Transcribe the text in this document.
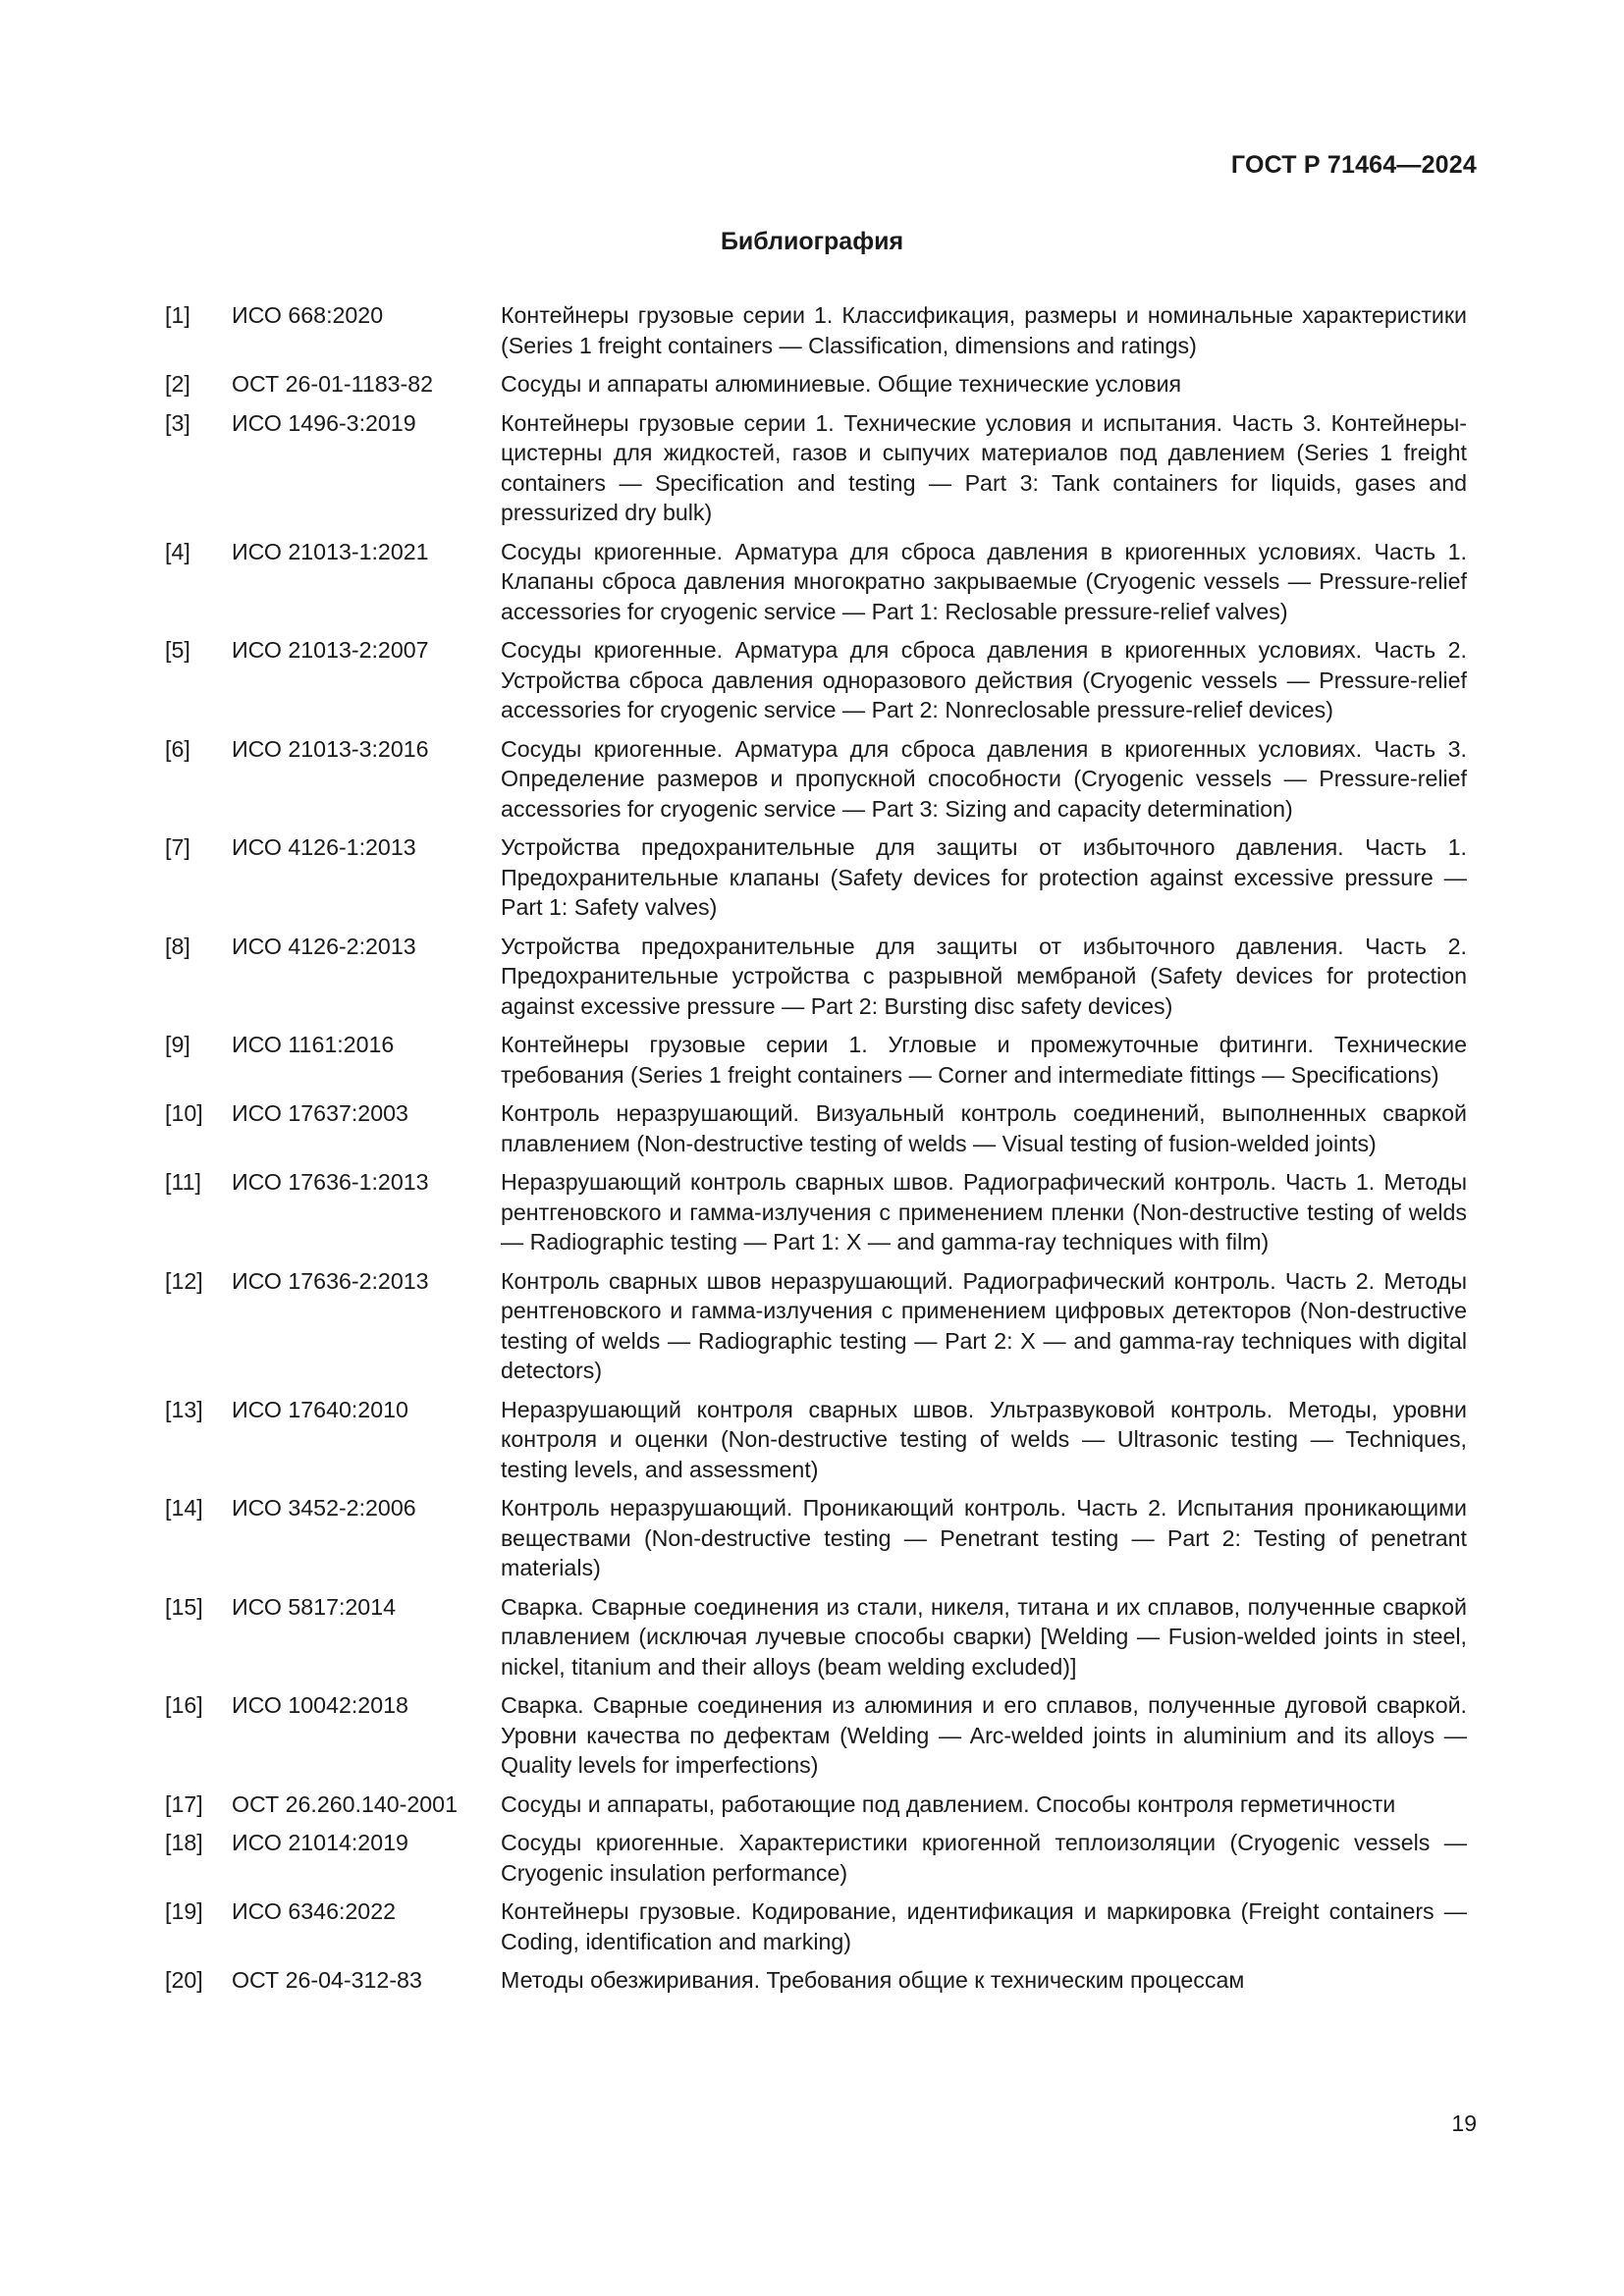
ГОСТ Р 71464—2024
Библиография
[1]	ИСО 668:2020	Контейнеры грузовые серии 1. Классификация, размеры и номинальные характеристики (Series 1 freight containers — Classification, dimensions and ratings)
[2]	ОСТ 26-01-1183-82	Сосуды и аппараты алюминиевые. Общие технические условия
[3]	ИСО 1496-3:2019	Контейнеры грузовые серии 1. Технические условия и испытания. Часть 3. Контейнеры-цистерны для жидкостей, газов и сыпучих материалов под давлением (Series 1 freight containers — Specification and testing — Part 3: Tank containers for liquids, gases and pressurized dry bulk)
[4]	ИСО 21013-1:2021	Сосуды криогенные. Арматура для сброса давления в криогенных условиях. Часть 1. Клапаны сброса давления многократно закрываемые (Cryogenic vessels — Pressure-relief accessories for cryogenic service — Part 1: Reclosable pressure-relief valves)
[5]	ИСО 21013-2:2007	Сосуды криогенные. Арматура для сброса давления в криогенных условиях. Часть 2. Устройства сброса давления одноразового действия (Cryogenic vessels — Pressure-relief accessories for cryogenic service — Part 2: Nonreclosable pressure-relief devices)
[6]	ИСО 21013-3:2016	Сосуды криогенные. Арматура для сброса давления в криогенных условиях. Часть 3. Определение размеров и пропускной способности (Cryogenic vessels — Pressure-relief accessories for cryogenic service — Part 3: Sizing and capacity determination)
[7]	ИСО 4126-1:2013	Устройства предохранительные для защиты от избыточного давления. Часть 1. Предохранительные клапаны (Safety devices for protection against excessive pressure — Part 1: Safety valves)
[8]	ИСО 4126-2:2013	Устройства предохранительные для защиты от избыточного давления. Часть 2. Предохранительные устройства с разрывной мембраной (Safety devices for protection against excessive pressure — Part 2: Bursting disc safety devices)
[9]	ИСО 1161:2016	Контейнеры грузовые серии 1. Угловые и промежуточные фитинги. Технические требования (Series 1 freight containers — Corner and intermediate fittings — Specifications)
[10]	ИСО 17637:2003	Контроль неразрушающий. Визуальный контроль соединений, выполненных сваркой плавлением (Non-destructive testing of welds — Visual testing of fusion-welded joints)
[11]	ИСО 17636-1:2013	Неразрушающий контроль сварных швов. Радиографический контроль. Часть 1. Методы рентгеновского и гамма-излучения с применением пленки (Non-destructive testing of welds — Radiographic testing — Part 1: X — and gamma-ray techniques with film)
[12]	ИСО 17636-2:2013	Контроль сварных швов неразрушающий. Радиографический контроль. Часть 2. Методы рентгеновского и гамма-излучения с применением цифровых детекторов (Non-destructive testing of welds — Radiographic testing — Part 2: X — and gamma-ray techniques with digital detectors)
[13]	ИСО 17640:2010	Неразрушающий контроля сварных швов. Ультразвуковой контроль. Методы, уровни контроля и оценки (Non-destructive testing of welds — Ultrasonic testing — Techniques, testing levels, and assessment)
[14]	ИСО 3452-2:2006	Контроль неразрушающий. Проникающий контроль. Часть 2. Испытания проникающими веществами (Non-destructive testing — Penetrant testing — Part 2: Testing of penetrant materials)
[15]	ИСО 5817:2014	Сварка. Сварные соединения из стали, никеля, титана и их сплавов, полученные сваркой плавлением (исключая лучевые способы сварки) [Welding — Fusion-welded joints in steel, nickel, titanium and their alloys (beam welding excluded)]
[16]	ИСО 10042:2018	Сварка. Сварные соединения из алюминия и его сплавов, полученные дуговой сваркой. Уровни качества по дефектам (Welding — Arc-welded joints in aluminium and its alloys — Quality levels for imperfections)
[17]	ОСТ 26.260.140-2001	Сосуды и аппараты, работающие под давлением. Способы контроля герметичности
[18]	ИСО 21014:2019	Сосуды криогенные. Характеристики криогенной теплоизоляции (Cryogenic vessels — Cryogenic insulation performance)
[19]	ИСО 6346:2022	Контейнеры грузовые. Кодирование, идентификация и маркировка (Freight containers — Coding, identification and marking)
[20]	ОСТ 26-04-312-83	Методы обезжиривания. Требования общие к техническим процессам
19
